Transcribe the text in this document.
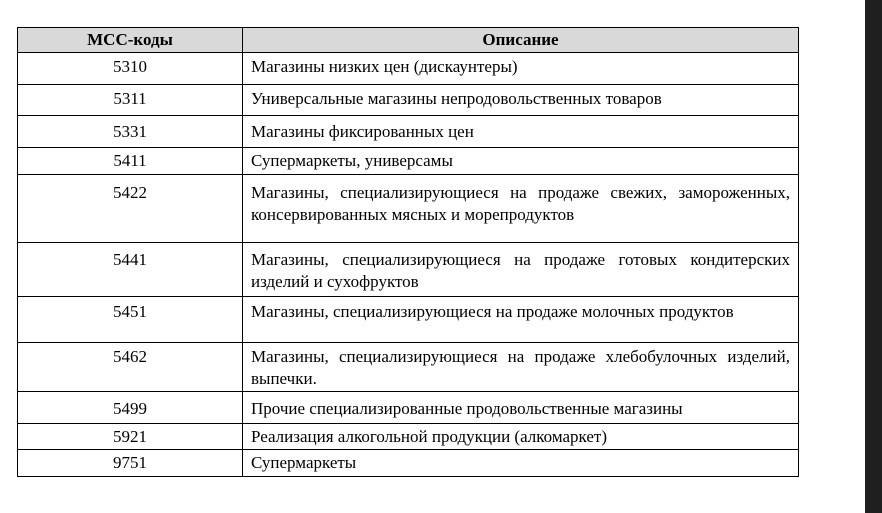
МСС-коды	Описание
5310	Магазины низких цен (дискаунтеры)
5311	Универсальные магазины непродовольственных товаров
5331	Магазины фиксированных цен
5411	Супермаркеты, универсамы
5422	Магазины, специализирующиеся на продаже свежих, замороженных, консервированных мясных и морепродуктов
5441	Магазины, специализирующиеся на продаже готовых кондитерских изделий и сухофруктов
5451	Магазины, специализирующиеся на продаже молочных продуктов
5462	Магазины, специализирующиеся на продаже хлебобулочных изделий, выпечки.
5499	Прочие специализированные продовольственные магазины
5921	Реализация алкогольной продукции (алкомаркет)
9751	Супермаркеты
